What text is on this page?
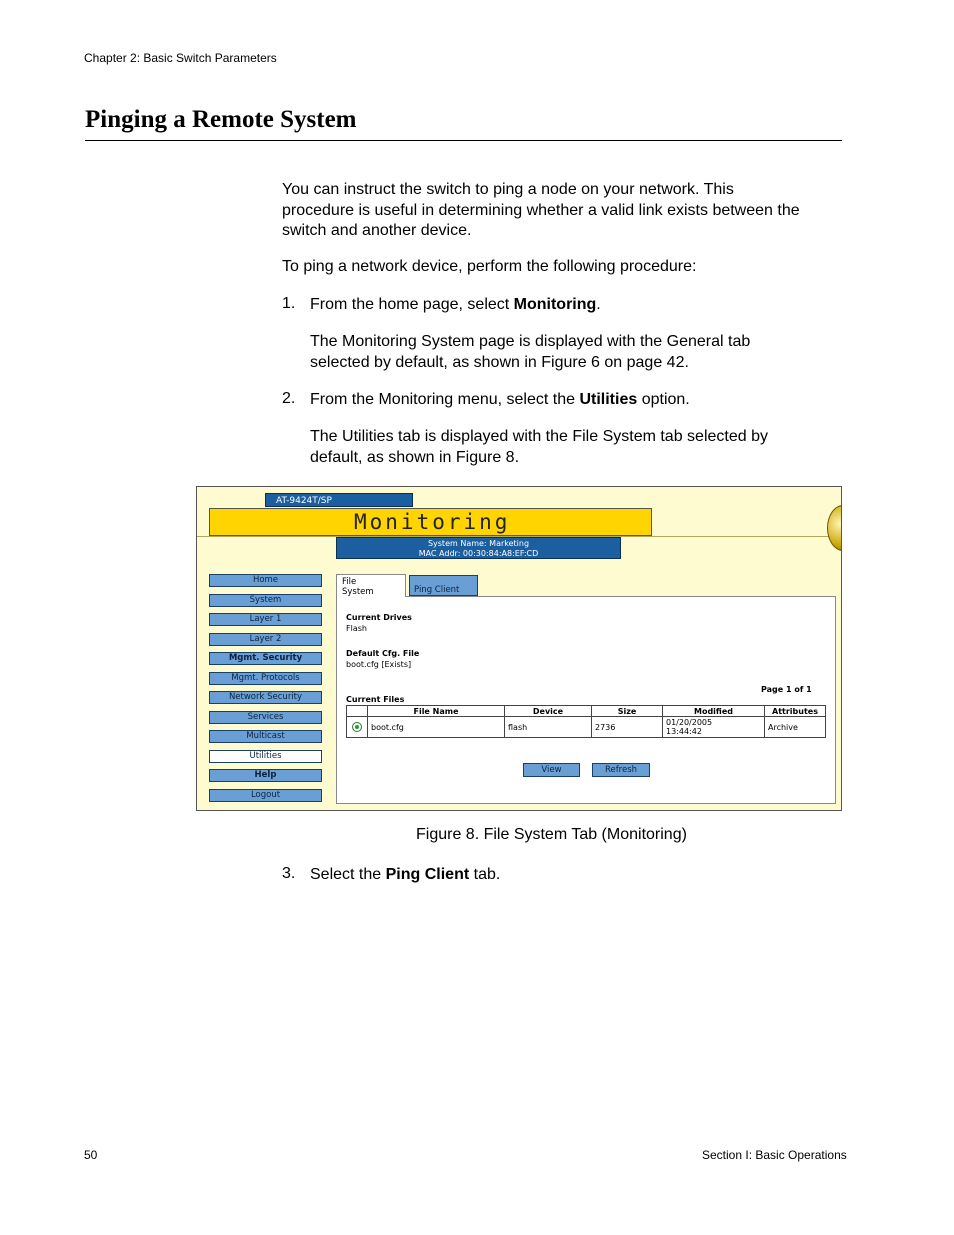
Chapter 2: Basic Switch Parameters
Pinging a Remote System
You can instruct the switch to ping a node on your network. This
procedure is useful in determining whether a valid link exists between the
switch and another device.
To ping a network device, perform the following procedure:
1. From the home page, select Monitoring.
The Monitoring System page is displayed with the General tab
selected by default, as shown in Figure 6 on page 42.
2. From the Monitoring menu, select the Utilities option.
The Utilities tab is displayed with the File System tab selected by
default, as shown in Figure 8.
AT-9424T/SP
Monitoring
System Name: Marketing
MAC Addr: 00:30:84:A8:EF:CD
Home
System
Layer 1
Layer 2
Mgmt. Security
Mgmt. Protocols
Network Security
Services
Multicast
Utilities
Help
Logout
File
System	Ping Client
Current Drives
Flash
Default Cfg. File
boot.cfg [Exists]
Page 1 of 1
Current Files
	File Name	Device	Size	Modified	Attributes
	boot.cfg	flash	2736	01/20/2005
13:44:42	Archive
View	Refresh
Figure 8. File System Tab (Monitoring)
3. Select the Ping Client tab.
50	Section I: Basic Operations
